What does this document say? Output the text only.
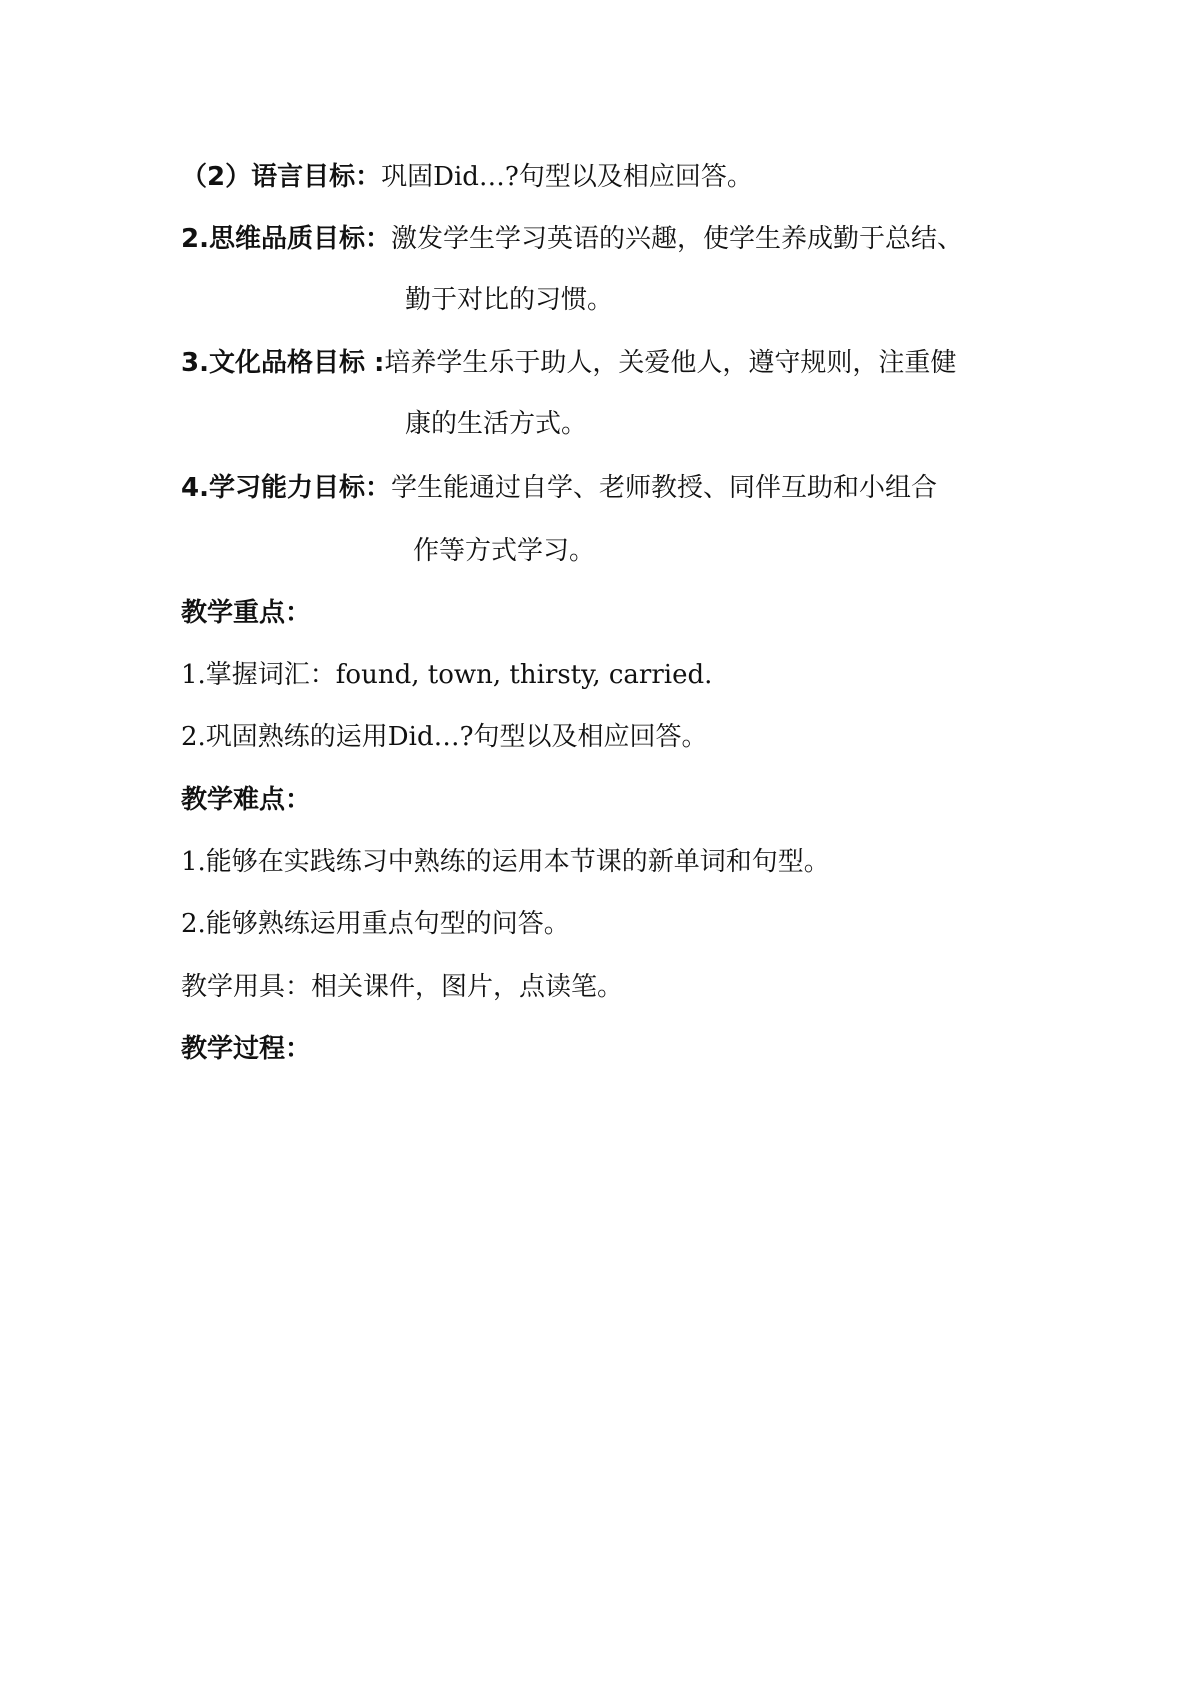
（2）语言目标：巩固Did…?句型以及相应回答。
2.思维品质目标：激发学生学习英语的兴趣，使学生养成勤于总结、
勤于对比的习惯。
3.文化品格目标 :培养学生乐于助人，关爱他人，遵守规则，注重健
康的生活方式。
4.学习能力目标：学生能通过自学、老师教授、同伴互助和小组合
作等方式学习。
教学重点：
1.掌握词汇：found, town, thirsty, carried.
2.巩固熟练的运用Did…?句型以及相应回答。
教学难点：
1.能够在实践练习中熟练的运用本节课的新单词和句型。
2.能够熟练运用重点句型的问答。
教学用具：相关课件，图片，点读笔。
教学过程：
